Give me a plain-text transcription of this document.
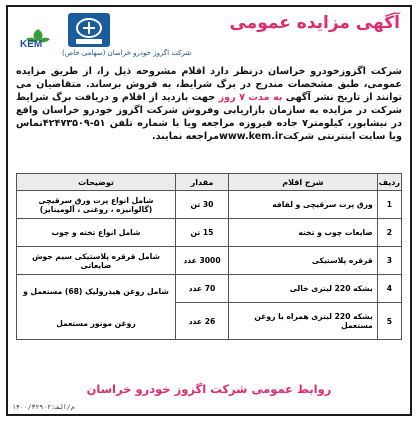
آگهی مزایده عمومی
KEM
شرکت اگزوز خودرو خراسان (سهامی خاص)
شرکت اگزوزخودرو خراسان درنظر دارد اقلام مشروحه ذیل را، از طریق مزایده عمومی، طبق مشخصات مندرج در برگ شرایط، به فروش برساند. متقاضیان می توانند از تاریخ نشر آگهی به مدت ۷ روز جهت بازدید از اقلام و دریافت برگ شرایط شرکت در مزایده به سازمان بازاریابی وفروش شرکت اگزوز خودرو خراسان واقع در نیشابور، کیلومتر۷ جاده فیروزه مراجعه ویا با شماره تلفن ۵۱-۴۲۴۷۳۵۰۹تماس ویا سایت اینترنتی شرکتwww.kem.irمراجعه نمایند.
ردیف	شرح اقلام	مقدار	توضیحات
1	ورق پرت سرقیچی و لفافه	30 تن	شامل انواع پرت ورق سرقیچی (گالوانیزه ، روغنی ، آلومینایز)
2	ضایعات چوب و تخته	15 تن	شامل انواع تخته و چوب
3	قرقره پلاستیکی	3000 عدد	شامل قرقره پلاستیکی سیم جوش ضایعاتی
4	بشکه 220 لیتری خالی	70 عدد	شامل روغن هیدرولیک (68) مستعمل و
روغن موتور مستعمل

5	بشکه 220 لیتری همراه با روغن مستعمل	26 عدد	
روابط عمومی شرکت اگزوز خودرو خراسان
م/الف:۱۴۰۰/۳۲۹۰۲
